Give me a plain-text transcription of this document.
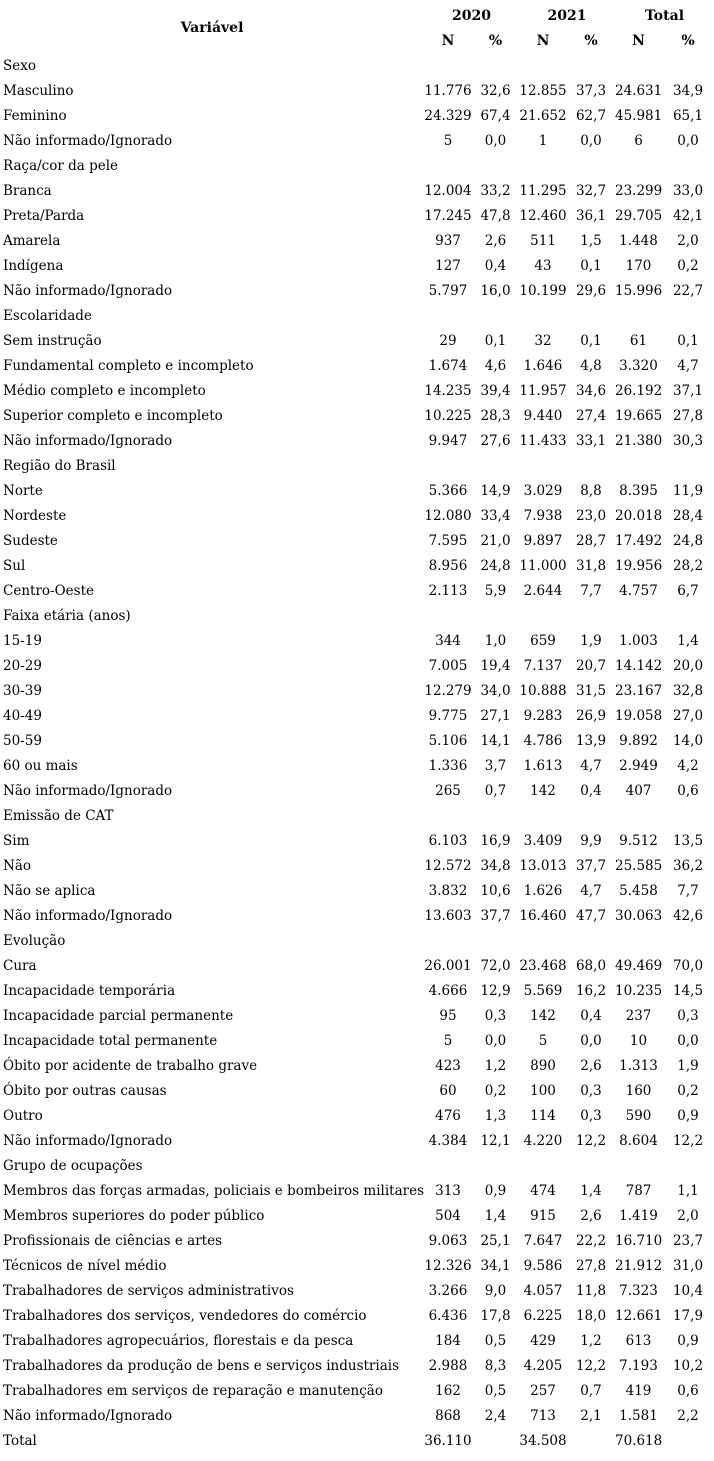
Variável	2020		2021		Total	
	N	%	N	%	N	%
Sexo						
Masculino	11.776	32,6	12.855	37,3	24.631	34,9
Feminino	24.329	67,4	21.652	62,7	45.981	65,1
Não informado/Ignorado	5	0,0	1	0,0	6	0,0
Raça/cor da pele						
Branca	12.004	33,2	11.295	32,7	23.299	33,0
Preta/Parda	17.245	47,8	12.460	36,1	29.705	42,1
Amarela	937	2,6	511	1,5	1.448	2,0
Indígena	127	0,4	43	0,1	170	0,2
Não informado/Ignorado	5.797	16,0	10.199	29,6	15.996	22,7
Escolaridade						
Sem instrução	29	0,1	32	0,1	61	0,1
Fundamental completo e incompleto	1.674	4,6	1.646	4,8	3.320	4,7
Médio completo e incompleto	14.235	39,4	11.957	34,6	26.192	37,1
Superior completo e incompleto	10.225	28,3	9.440	27,4	19.665	27,8
Não informado/Ignorado	9.947	27,6	11.433	33,1	21.380	30,3
Região do Brasil						
Norte	5.366	14,9	3.029	8,8	8.395	11,9
Nordeste	12.080	33,4	7.938	23,0	20.018	28,4
Sudeste	7.595	21,0	9.897	28,7	17.492	24,8
Sul	8.956	24,8	11.000	31,8	19.956	28,2
Centro-Oeste	2.113	5,9	2.644	7,7	4.757	6,7
Faixa etária (anos)						
15-19	344	1,0	659	1,9	1.003	1,4
20-29	7.005	19,4	7.137	20,7	14.142	20,0
30-39	12.279	34,0	10.888	31,5	23.167	32,8
40-49	9.775	27,1	9.283	26,9	19.058	27,0
50-59	5.106	14,1	4.786	13,9	9.892	14,0
60 ou mais	1.336	3,7	1.613	4,7	2.949	4,2
Não informado/Ignorado	265	0,7	142	0,4	407	0,6
Emissão de CAT						
Sim	6.103	16,9	3.409	9,9	9.512	13,5
Não	12.572	34,8	13.013	37,7	25.585	36,2
Não se aplica	3.832	10,6	1.626	4,7	5.458	7,7
Não informado/Ignorado	13.603	37,7	16.460	47,7	30.063	42,6
Evolução						
Cura	26.001	72,0	23.468	68,0	49.469	70,0
Incapacidade temporária	4.666	12,9	5.569	16,2	10.235	14,5
Incapacidade parcial permanente	95	0,3	142	0,4	237	0,3
Incapacidade total permanente	5	0,0	5	0,0	10	0,0
Óbito por acidente de trabalho grave	423	1,2	890	2,6	1.313	1,9
Óbito por outras causas	60	0,2	100	0,3	160	0,2
Outro	476	1,3	114	0,3	590	0,9
Não informado/Ignorado	4.384	12,1	4.220	12,2	8.604	12,2
Grupo de ocupações						
Membros das forças armadas, policiais e bombeiros militares	313	0,9	474	1,4	787	1,1
Membros superiores do poder público	504	1,4	915	2,6	1.419	2,0
Profissionais de ciências e artes	9.063	25,1	7.647	22,2	16.710	23,7
Técnicos de nível médio	12.326	34,1	9.586	27,8	21.912	31,0
Trabalhadores de serviços administrativos	3.266	9,0	4.057	11,8	7.323	10,4
Trabalhadores dos serviços, vendedores do comércio	6.436	17,8	6.225	18,0	12.661	17,9
Trabalhadores agropecuários, florestais e da pesca	184	0,5	429	1,2	613	0,9
Trabalhadores da produção de bens e serviços industriais	2.988	8,3	4.205	12,2	7.193	10,2
Trabalhadores em serviços de reparação e manutenção	162	0,5	257	0,7	419	0,6
Não informado/Ignorado	868	2,4	713	2,1	1.581	2,2
Total	36.110		34.508		70.618	
